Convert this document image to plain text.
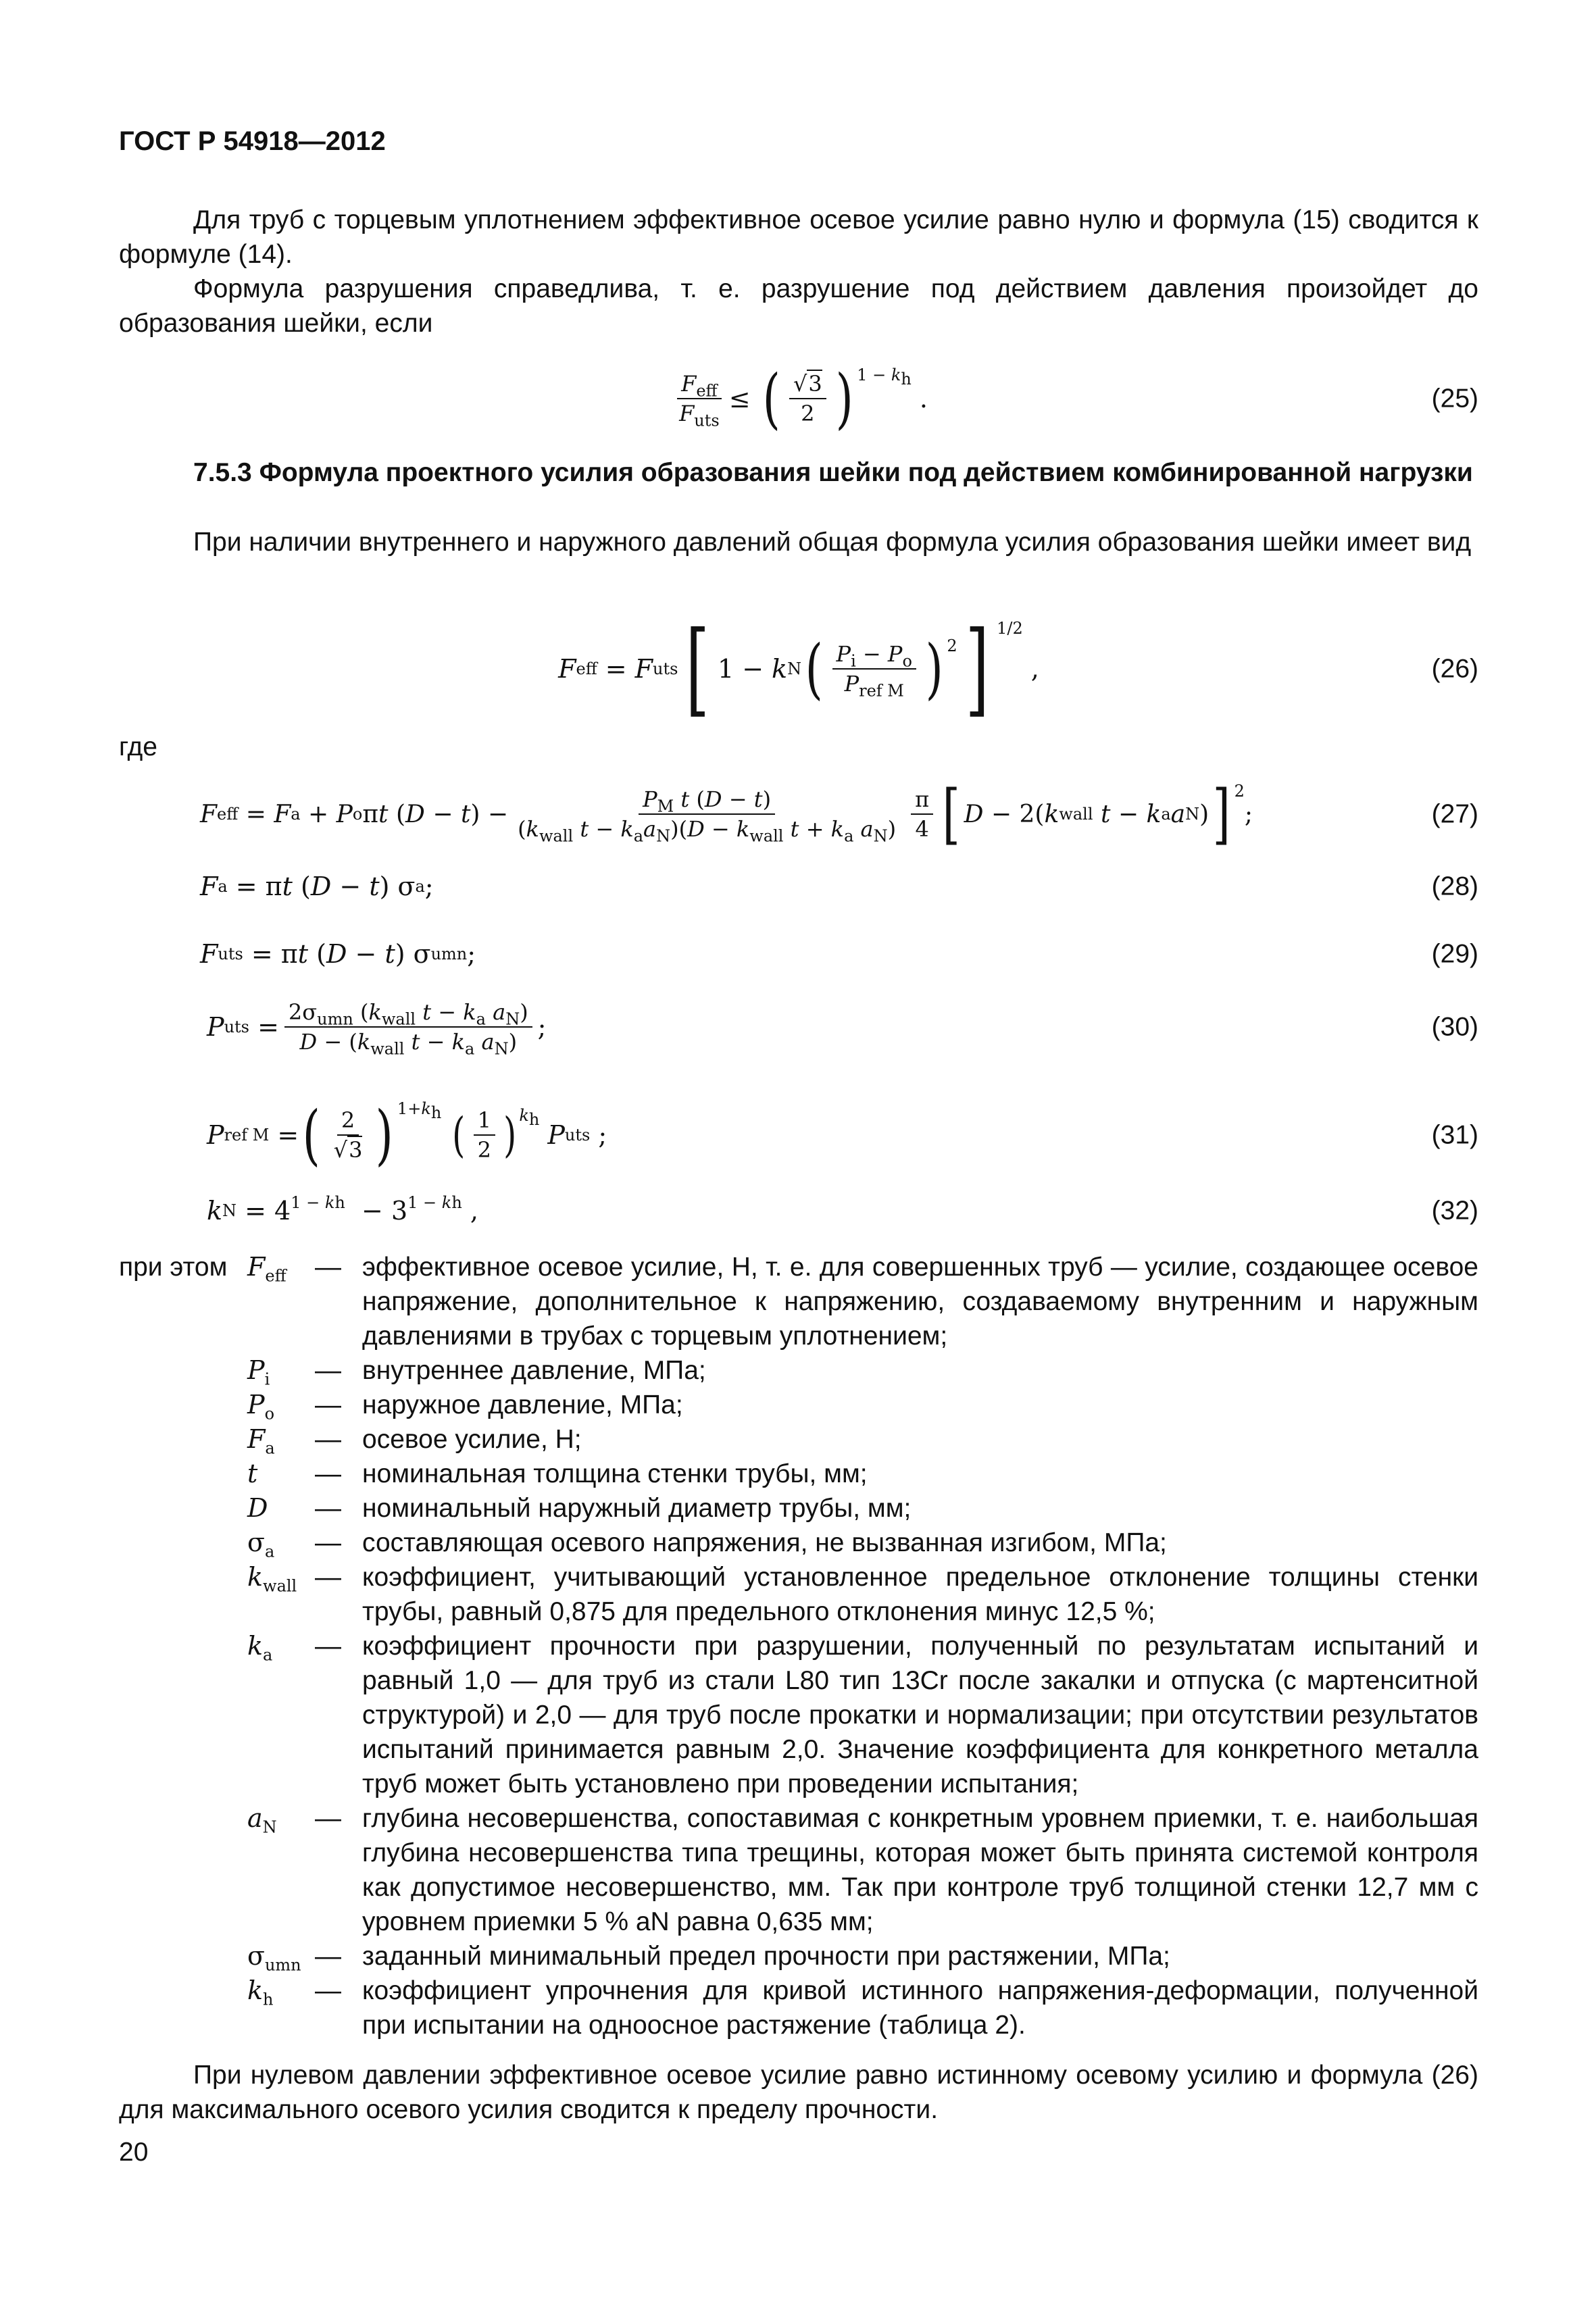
ГОСТ Р 54918—2012
Для труб с торцевым уплотнением эффективное осевое усилие равно нулю и формула (15) сводится к формуле (14).
Формула разрушения справедлива, т. е. разрушение под действием давления произойдет до образования шейки, если
$\frac{F_{eff}}{F_{uts}}$ ≤ ( $\frac{√3}{2} )^{1 - k_h}$
.	(25)
7.5.3 Формула проектного усилия образования шейки под действием комбинированной нагрузки
При наличии внутреннего и наружного давлений общая формула усилия образования шейки имеет вид
F eff = F uts [ 1 − k N ( $\frac{P_i - P_o}{P_{ref M}} )^2$ ] $^{1/2}$
,	(26)
где
F eff = F a + P o π t ( D − t ) − $\frac{P_M t (D - t)}{(k_{wall} t - k_aa_N)(D - k_{wall} t + k_a a_N)} \frac{\pi}{4}$ [ D − 2( k wall
t − k a a N ) ]$^2$
;	(27)
F a = π t ( D − t ) σ a ;	(28)
F uts = π t ( D − t ) σ umn ;	(29)
P uts = $\frac{2\sigma_{umn} (k_{wall} t - k_a a_N)}{D - (k_{wall} t - k_a a_N)}$ ;	(30)
P ref M = ( $\frac{2}{√3} )^{1+k_h}$ ( $\frac{1}{2}$ ) $^{k_h}$
P uts ;	(31)
k $N = 4^{1 - kh} - 3^{1 - kh}$ ,	(32)
при этом $F_{eff}$	— эффективное осевое усилие, Н, т. е. для совершенных труб — усилие, создающее осевое напряжение, дополнительное к напряжению, создаваемому внутренним и наружным давлениями в трубах с торцевым уплотнением;
$P_i$	— внутреннее давление, МПа;
$P_o$	— наружное давление, МПа;
$F_a$	— осевое усилие, Н;
t	— номинальная толщина стенки трубы, мм;
D	— номинальный наружный диаметр трубы, мм;
$\sigma_a$	— составляющая осевого напряжения, не вызванная изгибом, МПа;
$k_{wall}$ — коэффициент, учитывающий установленное предельное отклонение толщины стенки трубы, равный 0,875 для предельного отклонения минус 12,5 %;
$k_a$	— коэффициент прочности при разрушении, полученный по результатам испытаний и равный 1,0 — для труб из стали L80 тип 13Cr после закалки и отпуска (с мартенситной структурой) и 2,0 — для труб после прокатки и нормализации; при отсутствии результатов испытаний принимается равным 2,0. Значение коэффициента для конкретного металла труб может быть установлено при проведении испытания;
$a_N$	— глубина несовершенства, сопоставимая с конкретным уровнем приемки, т. е. наибольшая глубина несовершенства типа трещины, которая может быть принята системой контроля как допустимое несовершенство, мм. Так при контроле труб толщиной стенки 12,7 мм с уровнем приемки 5 % aN равна 0,635 мм;
$\sigma_{umn}$ — заданный минимальный предел прочности при растяжении, МПа;
$k_h$	— коэффициент упрочнения для кривой истинного напряжения-деформации, полученной при испытании на одноосное растяжение (таблица 2).
При нулевом давлении эффективное осевое усилие равно истинному осевому усилию и формула (26) для максимального осевого усилия сводится к пределу прочности.
20
